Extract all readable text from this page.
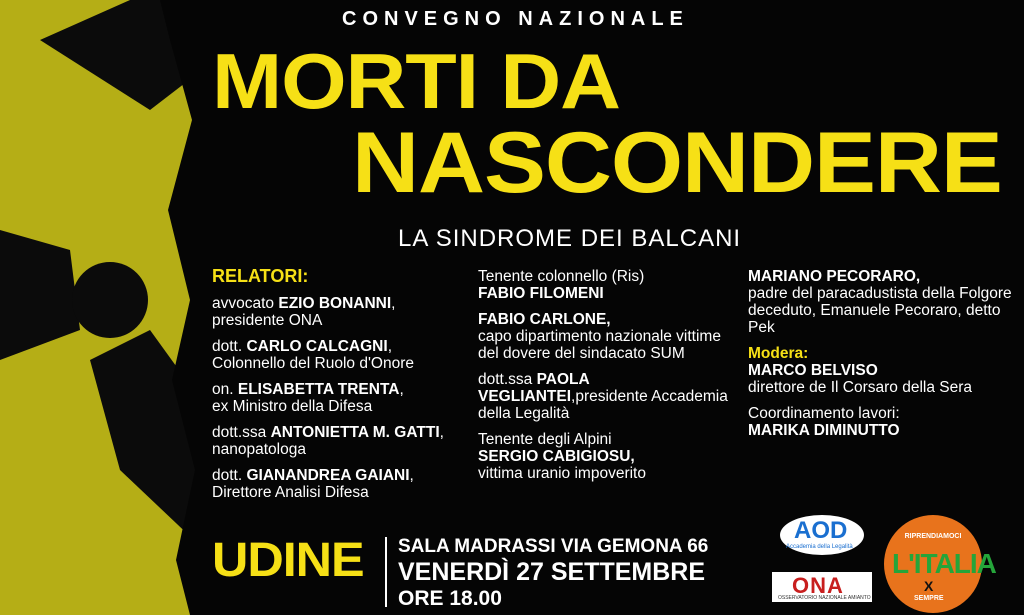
CONVEGNO NAZIONALE
MORTI DA
NASCONDERE
LA SINDROME DEI BALCANI

RELATORI:

avvocato EZIO BONANNI,
presidente ONA

dott. CARLO CALCAGNI,
Colonnello del Ruolo d'Onore

on. ELISABETTA TRENTA,
ex Ministro della Difesa

dott.ssa ANTONIETTA M. GATTI, nanopatologa

dott. GIANANDREA GAIANI,
Direttore Analisi Difesa

Tenente colonnello (Ris)
FABIO FILOMENI

FABIO CARLONE,
capo dipartimento nazionale vittime del dovere del sindacato SUM

dott.ssa PAOLA VEGLIANTEI,presidente Accademia della Legalità

Tenente degli Alpini
SERGIO CABIGIOSU,
vittima uranio impoverito

MARIANO PECORARO,
padre del paracadustista della Folgore deceduto, Emanuele Pecoraro, detto Pek

Modera:
MARCO BELVISO
direttore de Il Corsaro della Sera

Coordinamento lavori:
MARIKA DIMINUTTO

UDINE SALA MADRASSI VIA GEMONA 66
VENERDÌ 27 SETTEMBRE
ORE 18.00
AOD
Accademia della Legalità
ONA
OSSERVATORIO NAZIONALE AMIANTO
RIPRENDIAMOCI
L'ITALIA
X
SEMPRE
